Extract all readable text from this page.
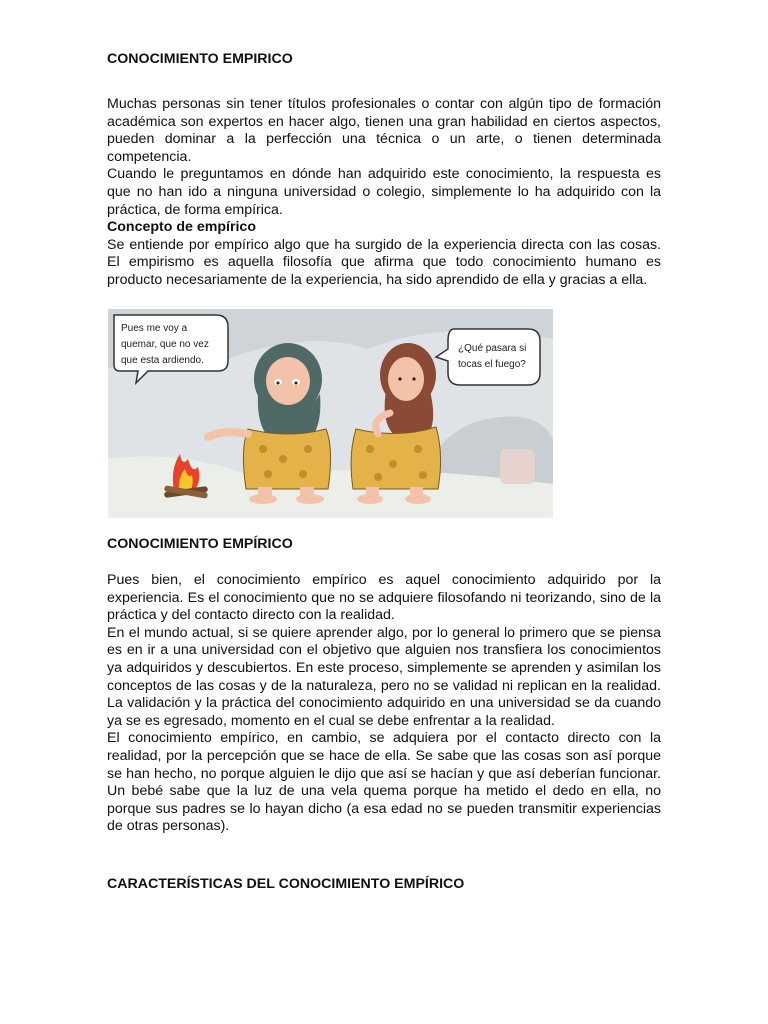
CONOCIMIENTO EMPIRICO

Muchas personas sin tener títulos profesionales o contar con algún tipo de formación académica son expertos en hacer algo, tienen una gran habilidad en ciertos aspectos, pueden dominar a la perfección una técnica o un arte, o tienen determinada competencia.

Cuando le preguntamos en dónde han adquirido este conocimiento, la respuesta es que no han ido a ninguna universidad o colegio, simplemente lo ha adquirido con la práctica, de forma empírica.

Concepto de empírico

Se entiende por empírico algo que ha surgido de la experiencia directa con las cosas. El empirismo es aquella filosofía que afirma que todo conocimiento humano es producto necesariamente de la experiencia, ha sido aprendido de ella y gracias a ella.

Pues me voy a
quemar, que no vez
que esta ardiendo.
¿Qué pasara si
tocas el fuego?
CONOCIMIENTO EMPÍRICO

Pues bien, el conocimiento empírico es aquel conocimiento adquirido por la experiencia. Es el conocimiento que no se adquiere filosofando ni teorizando, sino de la práctica y del contacto directo con la realidad.

En el mundo actual, si se quiere aprender algo, por lo general lo primero que se piensa es en ir a una universidad con el objetivo que alguien nos transfiera los conocimientos ya adquiridos y descubiertos. En este proceso, simplemente se aprenden y asimilan los conceptos de las cosas y de la naturaleza, pero no se validad ni replican en la realidad. La validación y la práctica del conocimiento adquirido en una universidad se da cuando ya se es egresado, momento en el cual se debe enfrentar a la realidad.

El conocimiento empírico, en cambio, se adquiera por el contacto directo con la realidad, por la percepción que se hace de ella. Se sabe que las cosas son así porque se han hecho, no porque alguien le dijo que así se hacían y que así deberían funcionar. Un bebé sabe que la luz de una vela quema porque ha metido el dedo en ella, no porque sus padres se lo hayan dicho (a esa edad no se pueden transmitir experiencias de otras personas).

CARACTERÍSTICAS DEL CONOCIMIENTO EMPÍRICO
